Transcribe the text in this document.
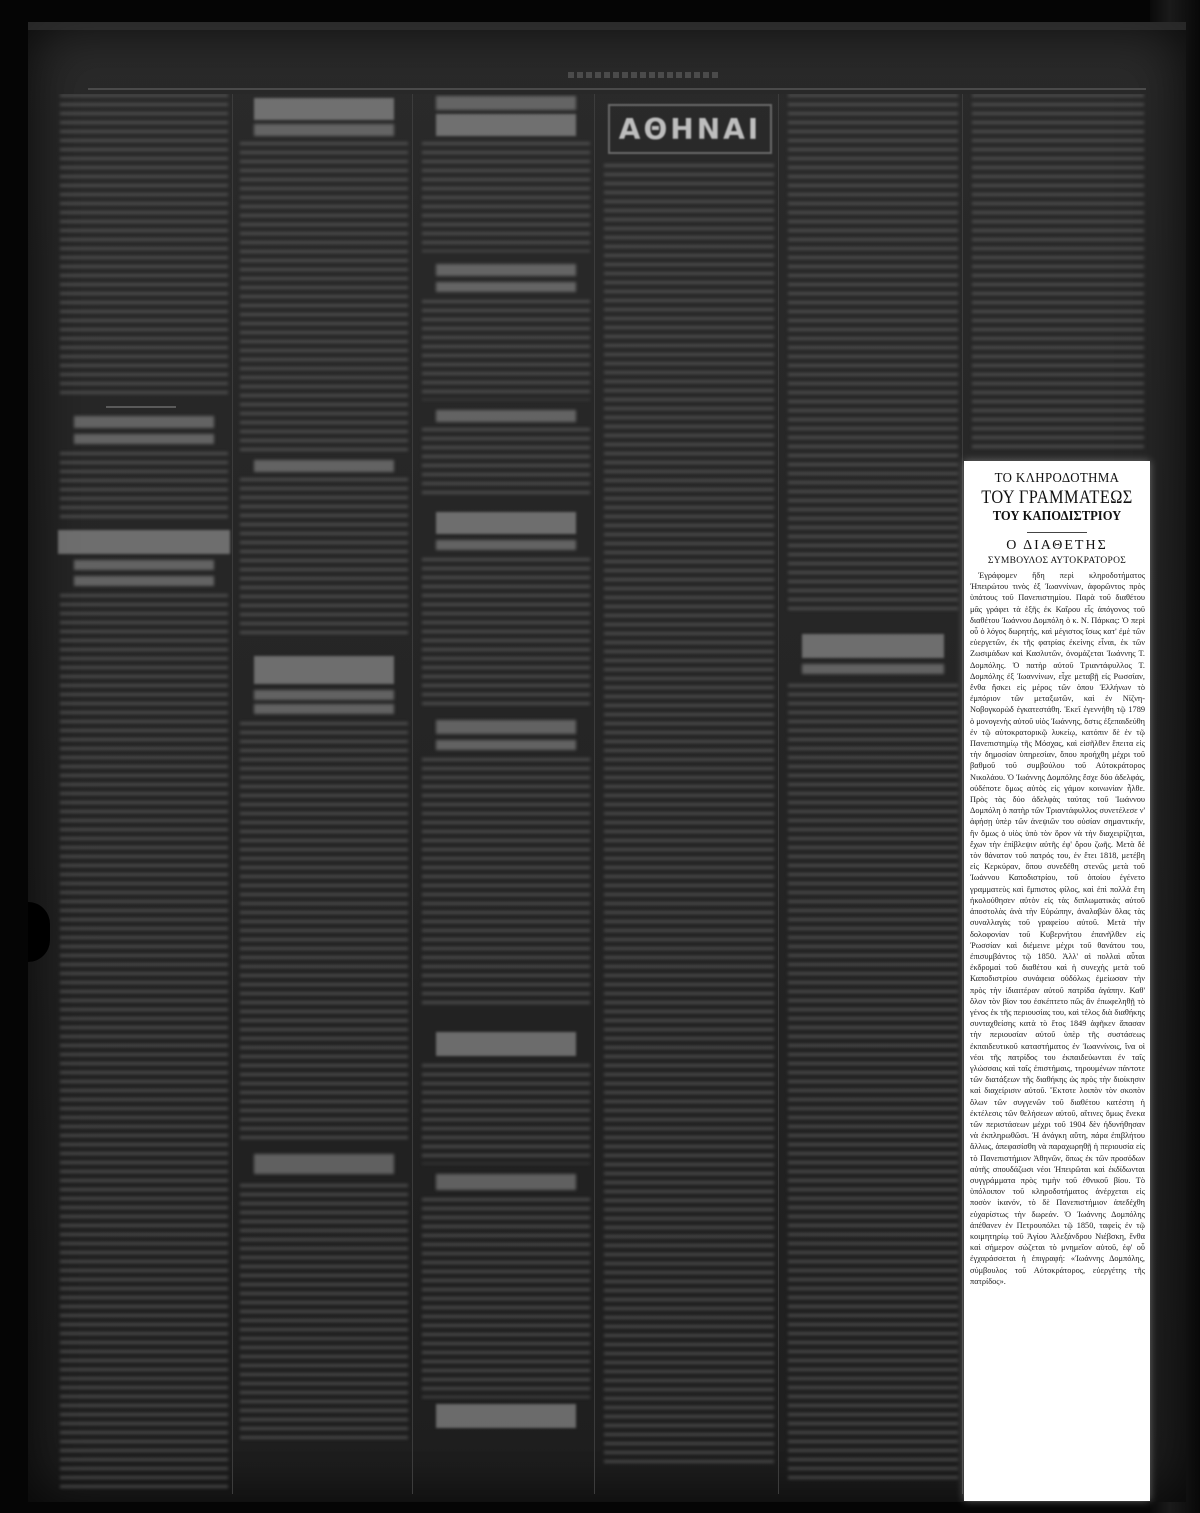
ΑΘΗΝΑΙ
ΤΟ ΚΛΗΡΟΔΟΤΗΜΑ
ΤΟΥ ΓΡΑΜΜΑΤΕΩΣ
ΤΟΥ ΚΑΠΟΔΙΣΤΡΙΟΥ
Ο ΔΙΑΘΕΤΗΣ
ΣΥΜΒΟΥΛΟΣ ΑΥΤΟΚΡΑΤΟΡΟΣ
Ἐγράφομεν ἤδη περὶ κληροδοτήματος Ἠπειρώτου τινὸς ἐξ Ἰωαννίνων, ἀφορῶντος πρὸς ὑπάτους τοῦ Πανεπιστημίου. Παρὰ τοῦ διαθέτου μᾶς γράφει τὰ ἑξῆς ἐκ Καΐρου εἷς ἀπόγονος τοῦ διαθέτου Ἰωάννου Δομπόλη ὁ κ. Ν. Πάρκας: Ὁ περὶ οὗ ὁ λόγος δωρητής, καὶ μέγιστος ἴσως κατ' ἐμὲ τῶν εὐεργετῶν, ἐκ τῆς φατρίας ἐκείνης εἶναι, ἐκ τῶν Ζωσιμάδων καὶ Κασλυτῶν, ὀνομάζεται Ἰωάννης Τ. Δομπόλης. Ὁ πατὴρ αὐτοῦ Τριαντάφυλλος Τ. Δομπόλης ἐξ Ἰωαννίνων, εἶχε μεταβῇ εἰς Ρωσσίαν, ἔνθα ἤσκει εἰς μέρος τῶν ὁπου Ἑλλήνων τὸ ἐμπόριον τῶν μεταξωτῶν, καὶ ἐν Νίζνη-Νοβογκορὼδ ἐγκατεστάθη. Ἐκεῖ ἐγεννήθη τῷ 1789 ὁ μονογενὴς αὐτοῦ υἱὸς Ἰωάννης, ὅστις ἐξεπαιδεύθη ἐν τῷ αὐτοκρατορικῷ λυκείῳ, κατόπιν δὲ ἐν τῷ Πανεπιστημίῳ τῆς Μόσχας, καὶ εἰσῆλθεν ἔπειτα εἰς τὴν δημοσίαν ὑπηρεσίαν, ὅπου προήχθη μέχρι τοῦ βαθμοῦ τοῦ συμβούλου τοῦ Αὐτοκράτορος Νικολάου. Ὁ Ἰωάννης Δομπόλης ἔσχε δύο ἀδελφάς, οὐδέποτε ὅμως αὐτὸς εἰς γάμον κοινωνίαν ἦλθε. Πρὸς τὰς δύο ἀδελφὰς ταύτας τοῦ Ἰωάννου Δομπόλη ὁ πατὴρ τῶν Τριαντάφυλλος συνετέλεσε ν' ἀφήσῃ ὑπὲρ τῶν ἀνεψιῶν του οὐσίαν σημαντικήν, ἣν ὅμως ὁ υἱὸς ὑπὸ τὸν ὅρον νὰ τὴν διαχειρίζηται, ἔχων τὴν ἐπίβλεψιν αὐτῆς ἐφ' ὅρου ζωῆς. Μετὰ δὲ τὸν θάνατον τοῦ πατρός του, ἐν ἔτει 1818, μετέβη εἰς Κερκύραν, ὅπου συνεδέθη στενῶς μετὰ τοῦ Ἰωάννου Καποδιστρίου, τοῦ ὁποίου ἐγένετο γραμματεὺς καὶ ἔμπιστος φίλος, καὶ ἐπὶ πολλὰ ἔτη ἠκολούθησεν αὐτὸν εἰς τὰς διπλωματικὰς αὐτοῦ ἀποστολὰς ἀνὰ τὴν Εὐρώπην, ἀναλαβὼν ὅλας τὰς συναλλαγὰς τοῦ γραφείου αὐτοῦ. Μετὰ τὴν δολοφονίαν τοῦ Κυβερνήτου ἐπανῆλθεν εἰς Ῥωσσίαν καὶ διέμεινε μέχρι τοῦ θανάτου του, ἐπισυμβάντος τῷ 1850. Ἀλλ' αἱ πολλαὶ αὗται ἐκδρομαὶ τοῦ διαθέτου καὶ ἡ συνεχὴς μετὰ τοῦ Καποδιστρίου συνάφεια οὐδόλως ἐμείωσαν τὴν πρὸς τὴν ἰδιαιτέραν αὐτοῦ πατρίδα ἀγάπην. Καθ' ὅλον τὸν βίον του ἐσκέπτετο πῶς ἂν ἐπωφεληθῇ τὸ γένος ἐκ τῆς περιουσίας του, καὶ τέλος διὰ διαθήκης συνταχθείσης κατὰ τὸ ἔτος 1849 ἀφῆκεν ἅπασαν τὴν περιουσίαν αὐτοῦ ὑπὲρ τῆς συστάσεως ἐκπαιδευτικοῦ καταστήματος ἐν Ἰωαννίνοις, ἵνα οἱ νέοι τῆς πατρίδος του ἐκπαιδεύωνται ἐν ταῖς γλώσσαις καὶ ταῖς ἐπιστήμαις, τηρουμένων πάντοτε τῶν διατάξεων τῆς διαθήκης ὡς πρὸς τὴν διοίκησιν καὶ διαχείρισιν αὐτοῦ. Ἔκτοτε λοιπὸν τὸν σκοπὸν ὅλων τῶν συγγενῶν τοῦ διαθέτου κατέστη ἡ ἐκτέλεσις τῶν θελήσεων αὐτοῦ, αἵτινες ὅμως ἕνεκα τῶν περιστάσεων μέχρι τοῦ 1904 δὲν ἠδυνήθησαν νὰ ἐκπληρωθῶσι. Ἡ ἀνάγκη αὕτη, πάρα ἐπιβλήτου ἄλλως, ἀπεφασίσθη νὰ παραχωρηθῇ ἡ περιουσία εἰς τὸ Πανεπιστήμιον Ἀθηνῶν, ὅπως ἐκ τῶν προσόδων αὐτῆς σπουδάζωσι νέοι Ἠπειρῶται καὶ ἐκδίδωνται συγγράμματα πρὸς τιμὴν τοῦ ἐθνικοῦ βίου. Τὸ ὑπόλοιπον τοῦ κληροδοτήματος ἀνέρχεται εἰς ποσὸν ἱκανόν, τὸ δὲ Πανεπιστήμιον ἀπεδέχθη εὐχαρίστως τὴν δωρεάν. Ὁ Ἰωάννης Δομπόλης ἀπέθανεν ἐν Πετρουπόλει τῷ 1850, ταφεὶς ἐν τῷ κοιμητηρίῳ τοῦ Ἁγίου Ἀλεξάνδρου Νιέβσκη, ἔνθα καὶ σήμερον σώζεται τὸ μνημεῖον αὐτοῦ, ἐφ' οὗ ἐγχαράσσεται ἡ ἐπιγραφή: «Ἰωάννης Δομπόλης, σύμβουλος τοῦ Αὐτοκράτορος, εὐεργέτης τῆς πατρίδος».
